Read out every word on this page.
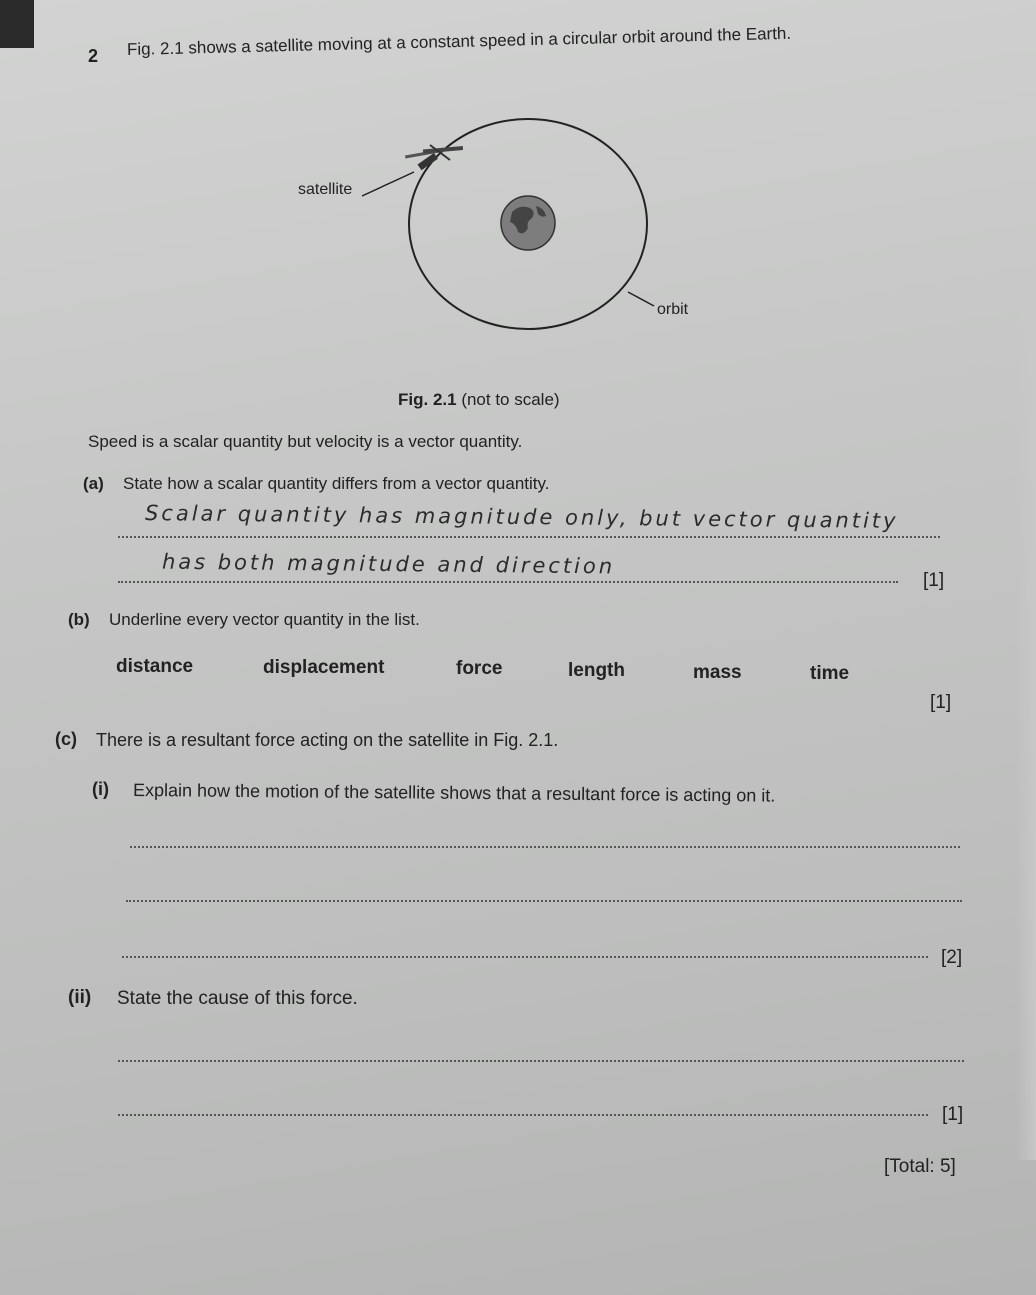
2 Fig. 2.1 shows a satellite moving at a constant speed in a circular orbit around the Earth.
satellite
orbit
Fig. 2.1 (not to scale)
Speed is a scalar quantity but velocity is a vector quantity.
(a) State how a scalar quantity differs from a vector quantity.
Scalar quantity has magnitude only, but vector quantity
has both magnitude and direction
[1]
(b) Underline every vector quantity in the list.
distance	displacement	force	length	mass	time
[1]
(c) There is a resultant force acting on the satellite in Fig. 2.1.
(i) Explain how the motion of the satellite shows that a resultant force is acting on it.
[2]
(ii) State the cause of this force.
[1]
[Total: 5]
